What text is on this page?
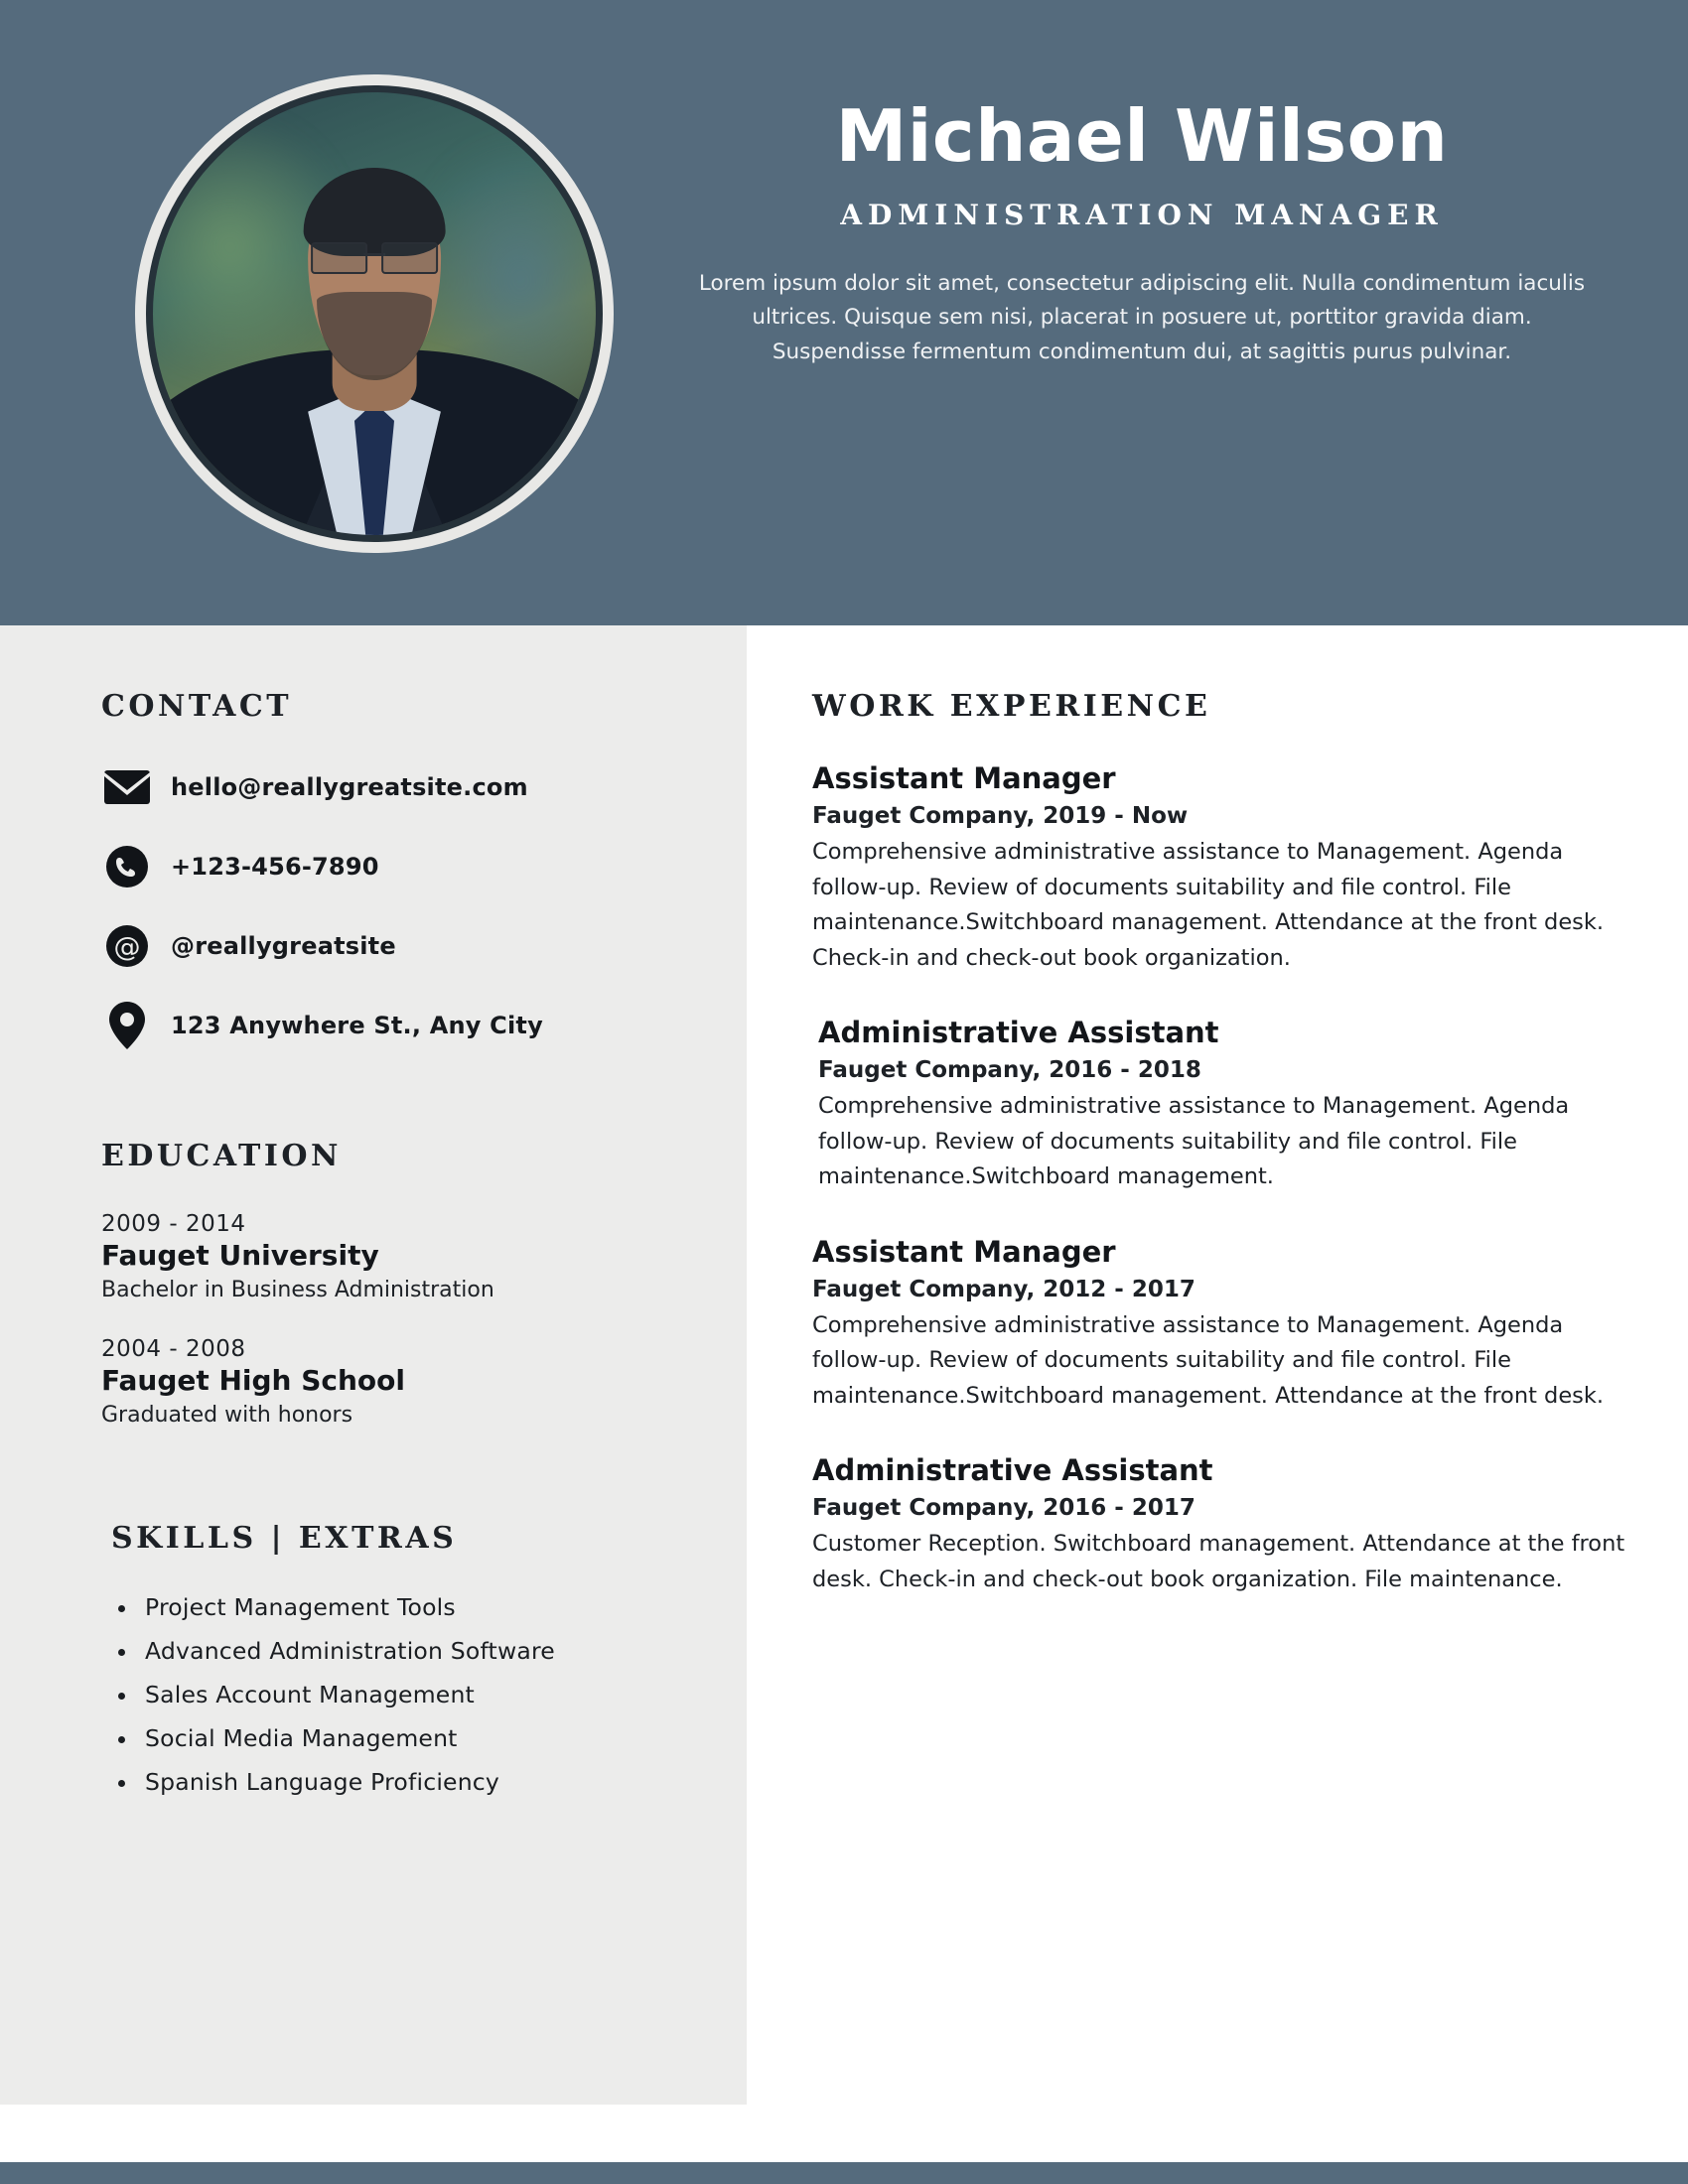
Michael Wilson
ADMINISTRATION MANAGER

Lorem ipsum dolor sit amet, consectetur adipiscing elit. Nulla condimentum iaculis ultrices. Quisque sem nisi, placerat in posuere ut, porttitor gravida diam. Suspendisse fermentum condimentum dui, at sagittis purus pulvinar.

CONTACT
hello@reallygreatsite.com
+123-456-7890
@ @reallygreatsite
123 Anywhere St., Any City
EDUCATION

2009 - 2014

Fauget University

Bachelor in Business Administration

2004 - 2008

Fauget High School

Graduated with honors

SKILLS | EXTRAS
• Project Management Tools
• Advanced Administration Software
• Sales Account Management
• Social Media Management
• Spanish Language Proficiency
WORK EXPERIENCE

Assistant Manager

Fauget Company, 2019 - Now

Comprehensive administrative assistance to Management. Agenda follow-up. Review of documents suitability and file control. File maintenance.Switchboard management. Attendance at the front desk. Check-in and check-out book organization.

Administrative Assistant

Fauget Company, 2016 - 2018

Comprehensive administrative assistance to Management. Agenda follow-up. Review of documents suitability and file control. File maintenance.Switchboard management.

Assistant Manager

Fauget Company, 2012 - 2017

Comprehensive administrative assistance to Management. Agenda follow-up. Review of documents suitability and file control. File maintenance.Switchboard management. Attendance at the front desk.

Administrative Assistant

Fauget Company, 2016 - 2017

Customer Reception. Switchboard management. Attendance at the front desk. Check-in and check-out book organization. File maintenance.
